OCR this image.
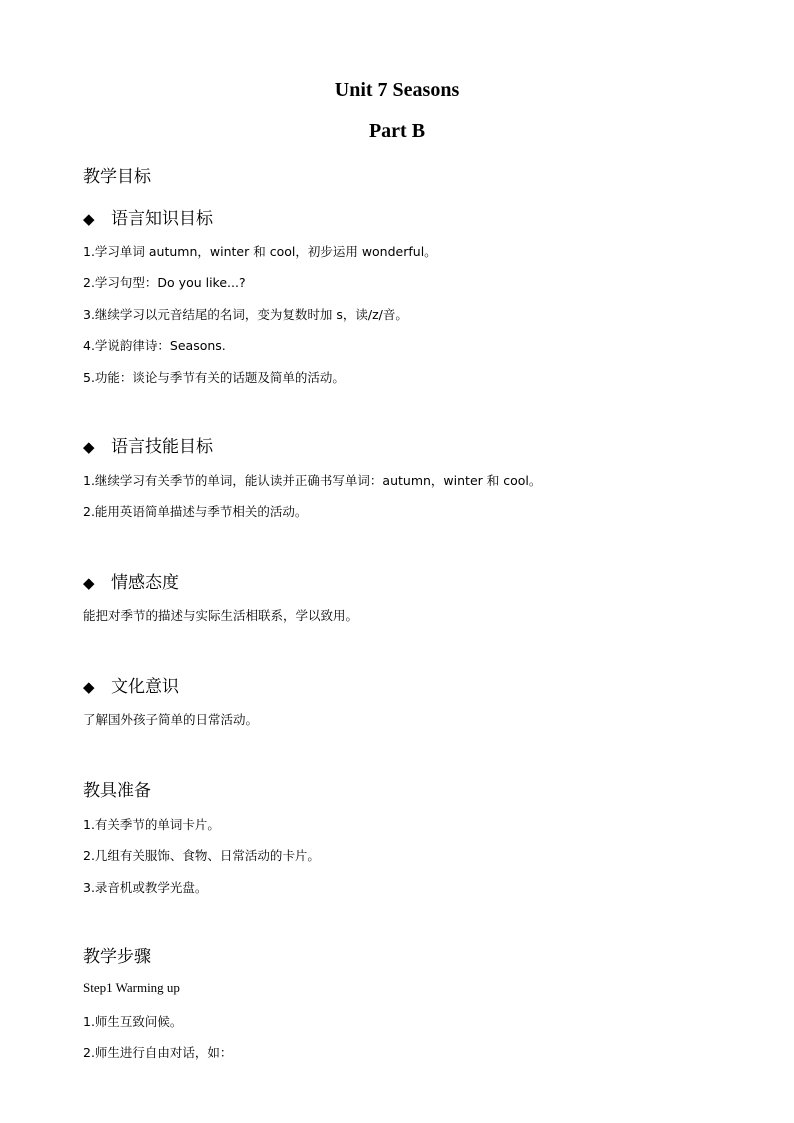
Unit 7 Seasons
Part B
教学目标
◆ 语言知识目标
1.学习单词 autumn，winter 和 cool，初步运用 wonderful。
2.学习句型：Do you like...?
3.继续学习以元音结尾的名词，变为复数时加 s，读/z/音。
4.学说韵律诗：Seasons.
5.功能：谈论与季节有关的话题及简单的活动。
◆ 语言技能目标
1.继续学习有关季节的单词，能认读并正确书写单词：autumn，winter 和 cool。
2.能用英语简单描述与季节相关的活动。
◆ 情感态度
能把对季节的描述与实际生活相联系，学以致用。
◆ 文化意识
了解国外孩子简单的日常活动。
教具准备
1.有关季节的单词卡片。
2.几组有关服饰、食物、日常活动的卡片。
3.录音机或教学光盘。
教学步骤
Step1 Warming up
1.师生互致问候。
2.师生进行自由对话，如：
